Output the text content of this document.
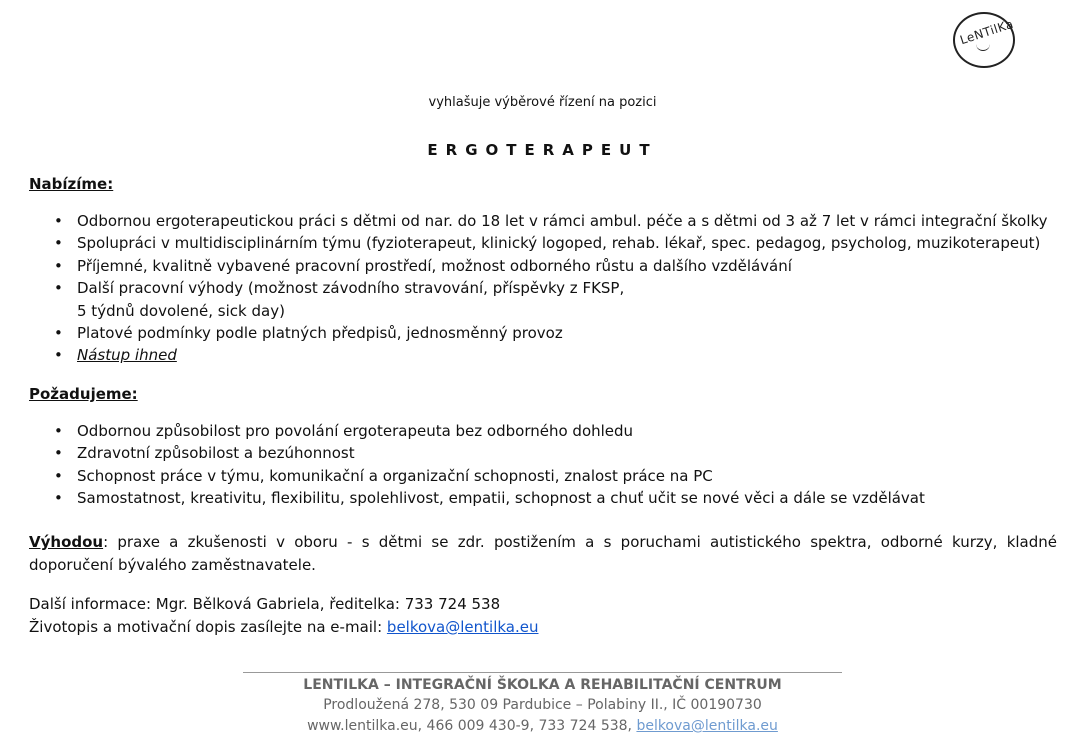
LeNTilKa
vyhlašuje výběrové řízení na pozici
ERGOTERAPEUT
Nabízíme:
• Odbornou ergoterapeutickou práci s dětmi od nar. do 18 let v rámci ambul. péče a s dětmi od 3 až 7 let v rámci integrační školky
• Spolupráci v multidisciplinárním týmu (fyzioterapeut, klinický logoped, rehab. lékař, spec. pedagog, psycholog, muzikoterapeut)
• Příjemné, kvalitně vybavené pracovní prostředí, možnost odborného růstu a dalšího vzdělávání
• Další pracovní výhody (možnost závodního stravování, příspěvky z FKSP,
5 týdnů dovolené, sick day)
• Platové podmínky podle platných předpisů, jednosměnný provoz
• Nástup ihned
Požadujeme:
• Odbornou způsobilost pro povolání ergoterapeuta bez odborného dohledu
• Zdravotní způsobilost a bezúhonnost
• Schopnost práce v týmu, komunikační a organizační schopnosti, znalost práce na PC
• Samostatnost, kreativitu, flexibilitu, spolehlivost, empatii, schopnost a chuť učit se nové věci a dále se vzdělávat
Výhodou: praxe a zkušenosti v oboru - s dětmi se zdr. postižením a s poruchami autistického spektra, odborné kurzy, kladné doporučení bývalého zaměstnavatele.
Další informace: Mgr. Bělková Gabriela, ředitelka: 733 724 538
Životopis a motivační dopis zasílejte na e-mail: belkova@lentilka.eu
LENTILKA – INTEGRAČNÍ ŠKOLKA A REHABILITAČNÍ CENTRUM
Prodloužená 278, 530 09 Pardubice – Polabiny II., IČ 00190730
www.lentilka.eu, 466 009 430-9, 733 724 538, belkova@lentilka.eu
